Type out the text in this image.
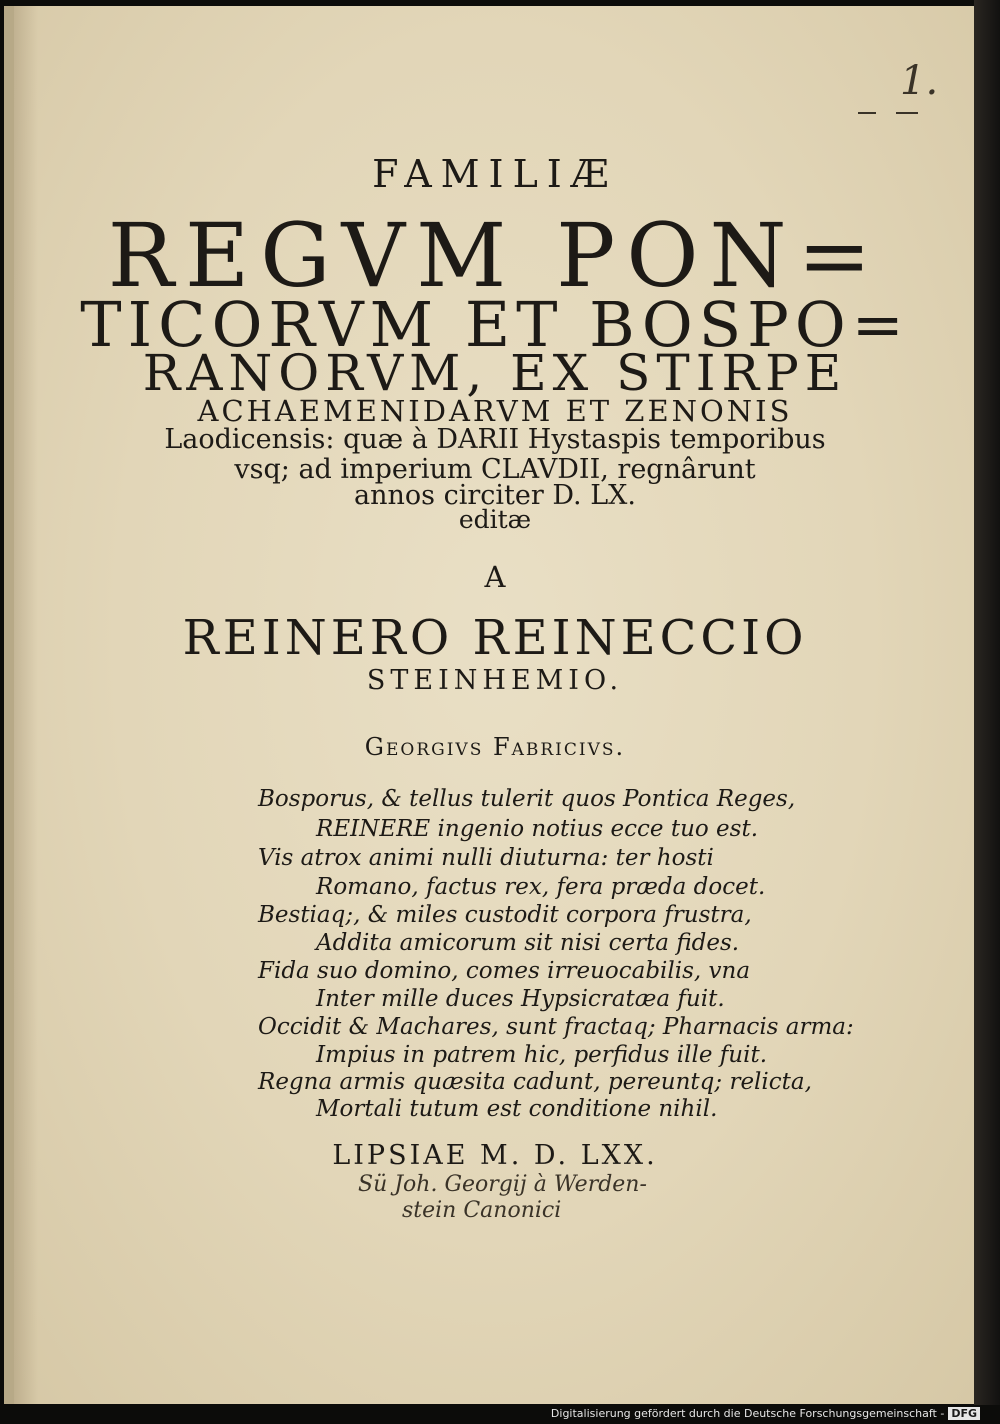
1.
FAMILIÆ
REGVM PON=
TICORVM ET BOSPO=
RANORVM, EX STIRPE
ACHAEMENIDARVM ET ZENONIS
Laodicensis: quæ à DARII Hystaspis temporibus
vsq; ad imperium CLAVDII, regnârunt
annos circiter D. LX.
editæ
A
REINERO REINECCIO
STEINHEMIO.
Georgivs Fabricivs.
Bosporus, & tellus tulerit quos Pontica Reges,
REINERE ingenio notius ecce tuo est.
Vis atrox animi nulli diuturna: ter hosti
Romano, factus rex, fera præda docet.
Bestiaq;, & miles custodit corpora frustra,
Addita amicorum sit nisi certa fides.
Fida suo domino, comes irreuocabilis, vna
Inter mille duces Hypsicratæa fuit.
Occidit & Machares, sunt fractaq; Pharnacis arma:
Impius in patrem hic, perfidus ille fuit.
Regna armis quæsita cadunt, pereuntq; relicta,
Mortali tutum est conditione nihil.
LIPSIAE M. D. LXX.
Sü Joh. Georgij à Werden-
stein Canonici
Digitalisierung gefördert durch die Deutsche Forschungsgemeinschaft - DFG
